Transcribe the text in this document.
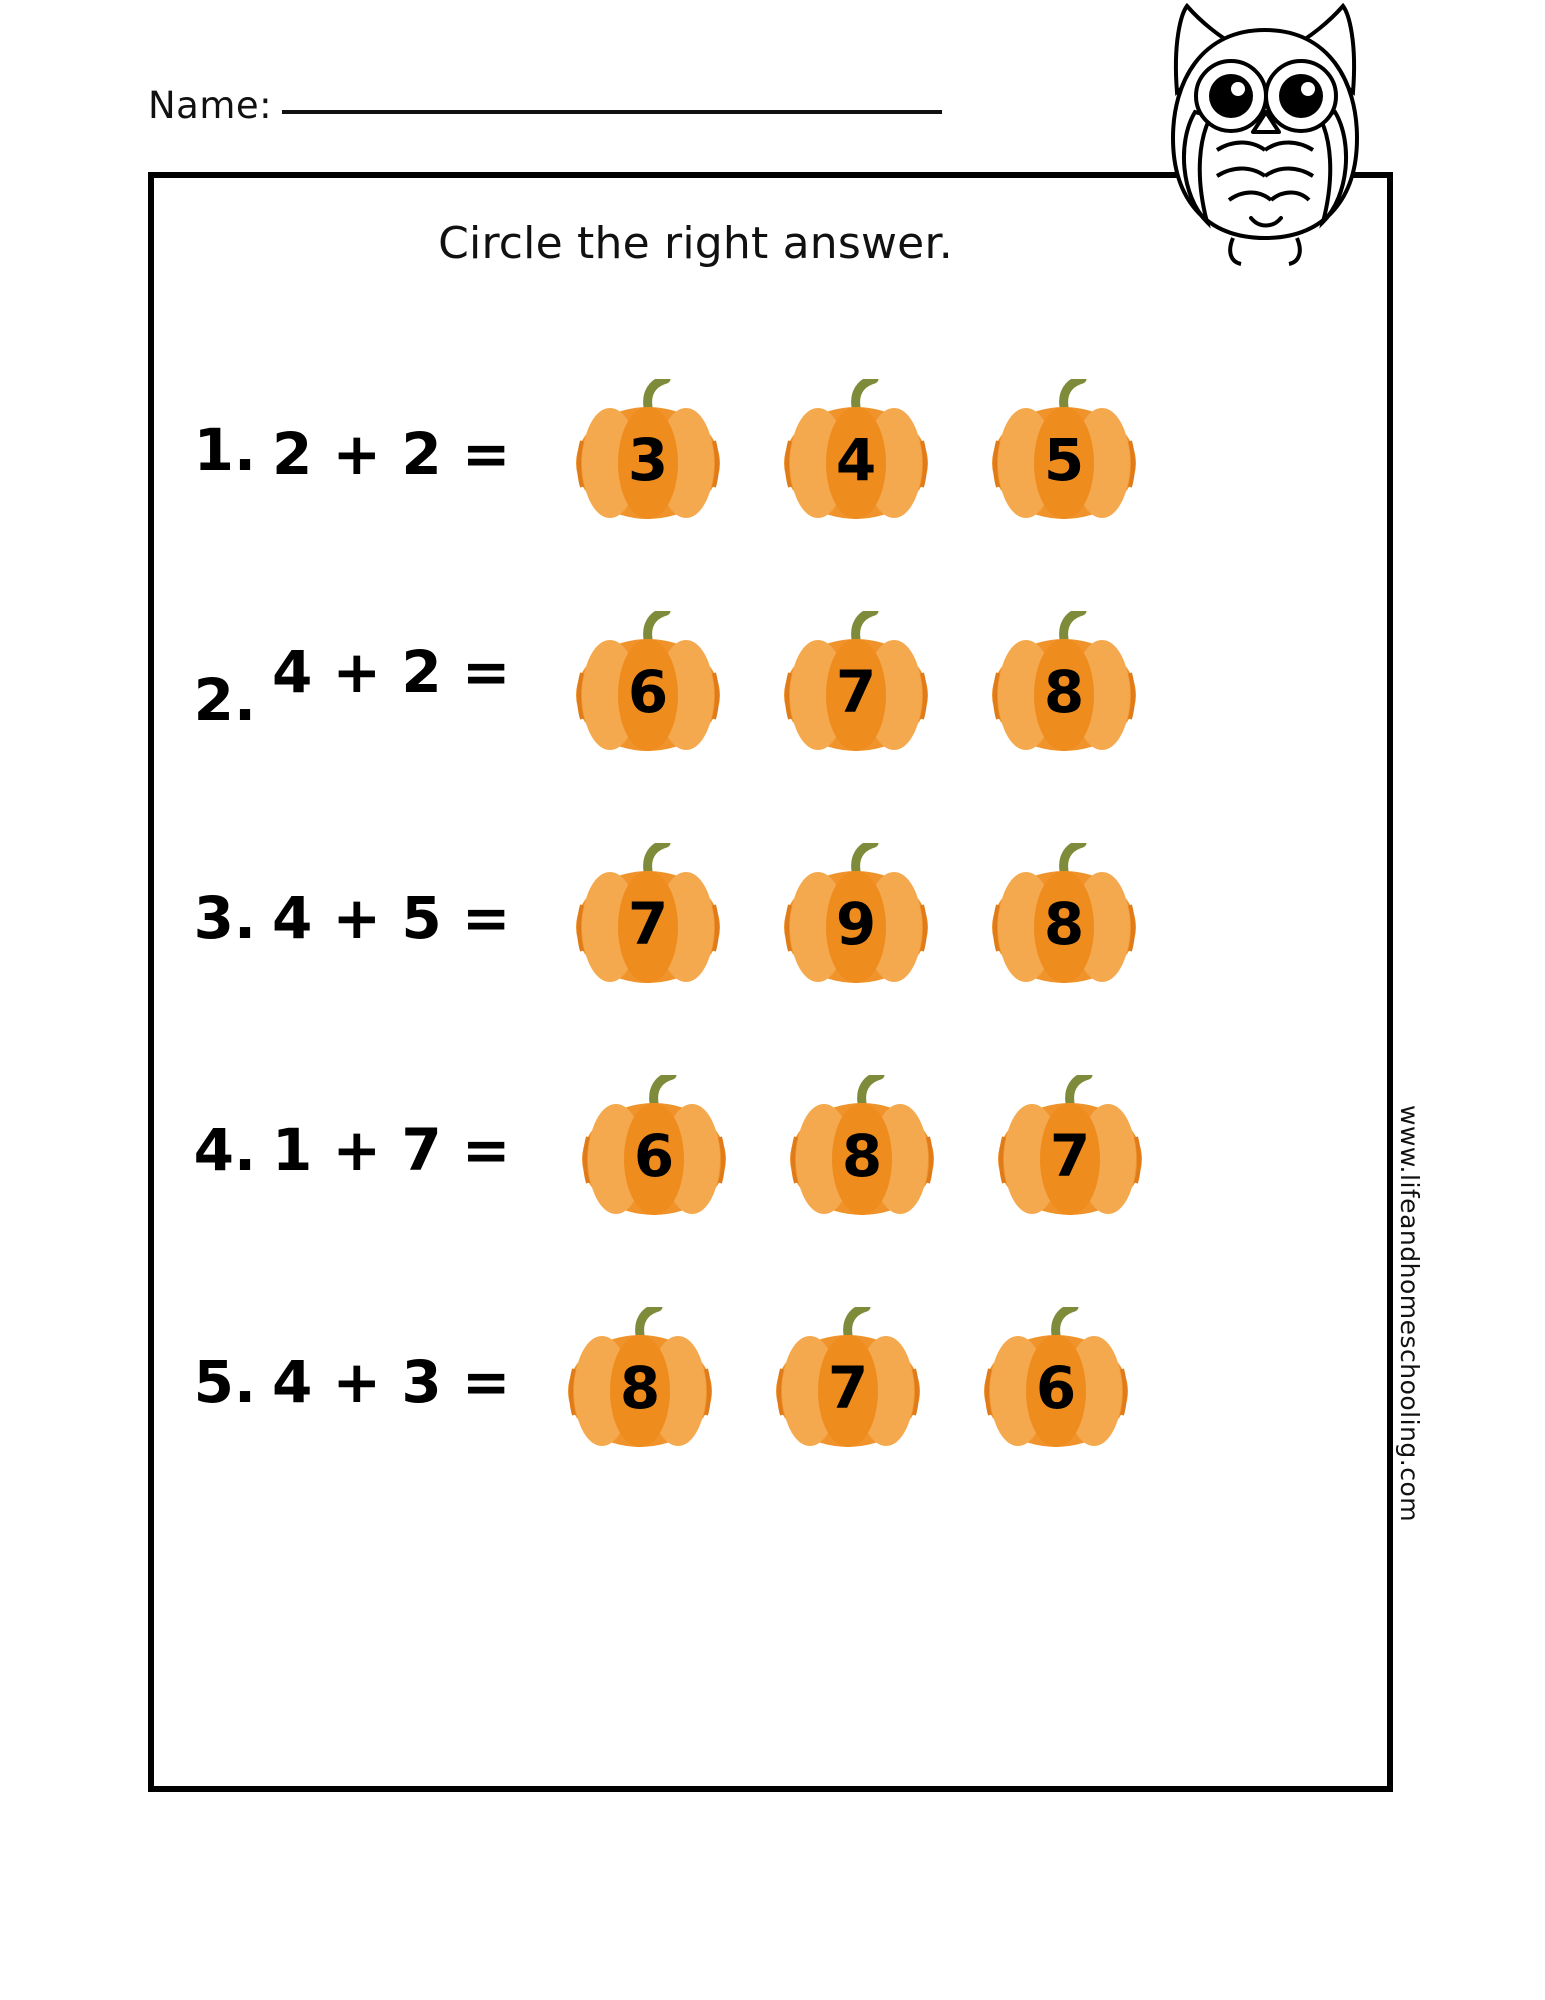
Name:
Circle the right answer.
1. 2 + 2 =	3	4	5
2. 4 + 2 =	6	7	8
3. 4 + 5 =	7	9	8
4. 1 + 7 =	6	8	7
5. 4 + 3 =	8	7	6	www.lifeandhomeschooling.com
